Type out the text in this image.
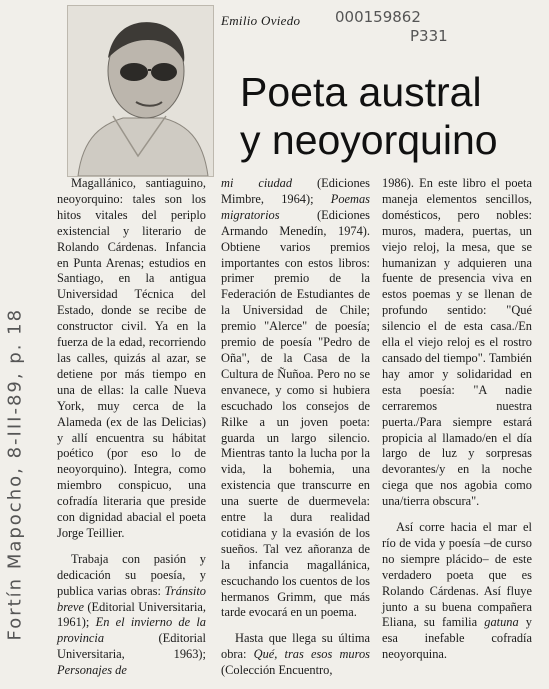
Emilio Oviedo 000159862
P331
Poeta austral
y neoyorquino
Fortín Mapocho, 8-III-89, p. 18

Magallánico, santiaguino, neoyorquino: tales son los hitos vitales del periplo existencial y literario de Rolando Cárdenas. Infancia en Punta Arenas; estudios en Santiago, en la antigua Universidad Técnica del Estado, donde se recibe de constructor civil. Ya en la fuerza de la edad, recorriendo las calles, quizás al azar, se detiene por más tiempo en una de ellas: la calle Nueva York, muy cerca de la Alameda (ex de las Delicias) y allí encuentra su hábitat poético (por eso lo de neoyorquino). Integra, como miembro conspicuo, una cofradía literaria que preside con dignidad abacial el poeta Jorge Teillier.

Trabaja con pasión y dedicación su poesía, y publica varias obras: Tránsito breve (Editorial Universitaria, 1961); En el invierno de la provincia (Editorial Universitaria, 1963); Personajes de

mi ciudad (Ediciones Mimbre, 1964); Poemas migratorios (Ediciones Armando Menedín, 1974). Obtiene varios premios importantes con estos libros: primer premio de la Federación de Estudiantes de la Universidad de Chile; premio "Alerce" de poesía; premio de poesía "Pedro de Oña", de la Casa de la Cultura de Ñuñoa. Pero no se envanece, y como si hubiera escuchado los consejos de Rilke a un joven poeta: guarda un largo silencio. Mientras tanto la lucha por la vida, la bohemia, una existencia que transcurre en una suerte de duermevela: entre la dura realidad cotidiana y la evasión de los sueños. Tal vez añoranza de la infancia magallánica, escuchando los cuentos de los hermanos Grimm, que más tarde evocará en un poema.

Hasta que llega su última obra: Qué, tras esos muros (Colección Encuentro,

1986). En este libro el poeta maneja elementos sencillos, domésticos, pero nobles: muros, madera, puertas, un viejo reloj, la mesa, que se humanizan y adquieren una fuente de presencia viva en estos poemas y se llenan de profundo sentido: "Qué silencio el de esta casa./En ella el viejo reloj es el rostro cansado del tiempo". También hay amor y solidaridad en esta poesía: "A nadie cerraremos nuestra puerta./Para siempre estará propicia al llamado/en el día largo de luz y sorpresas devorantes/y en la noche ciega que nos agobia como una/tierra obscura".

Así corre hacia el mar el río de vida y poesía –de curso no siempre plácido– de este verdadero poeta que es Rolando Cárdenas. Así fluye junto a su buena compañera Eliana, su familia gatuna y esa inefable cofradía neoyorquina.
